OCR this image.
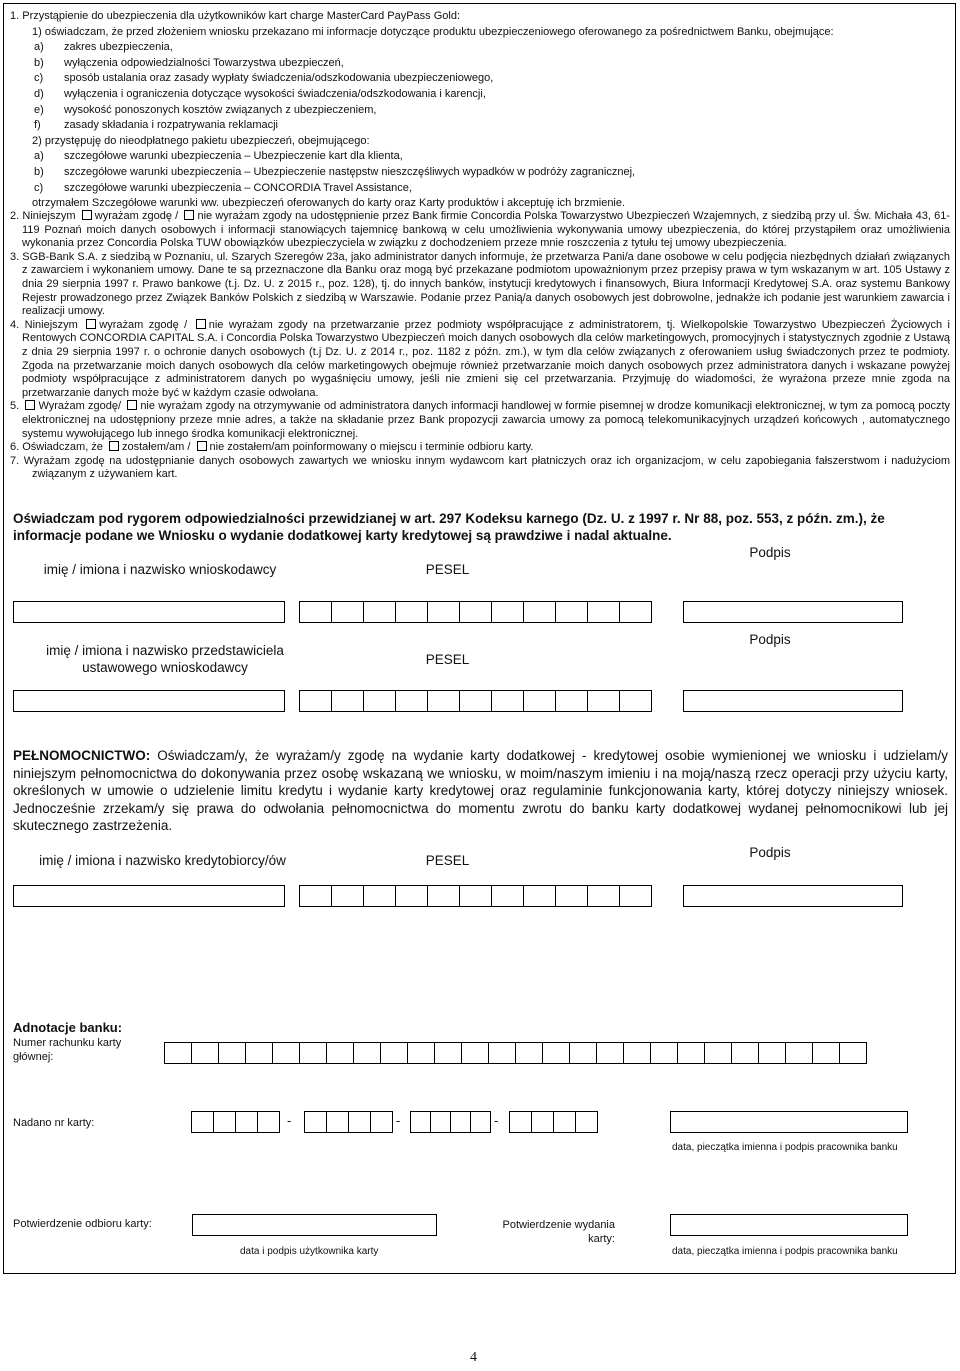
1. Przystąpienie do ubezpieczenia dla użytkowników kart charge MasterCard PayPass Gold:
1) oświadczam, że przed złożeniem wniosku przekazano mi informacje dotyczące produktu ubezpieczeniowego oferowanego za pośrednictwem Banku, obejmujące:
a) zakres ubezpieczenia,
b) wyłączenia odpowiedzialności Towarzystwa ubezpieczeń,
c) sposób ustalania oraz zasady wypłaty świadczenia/odszkodowania ubezpieczeniowego,
d) wyłączenia i ograniczenia dotyczące wysokości świadczenia/odszkodowania i karencji,
e) wysokość ponoszonych kosztów związanych z ubezpieczeniem,
f) zasady składania i rozpatrywania reklamacji
2) przystępuję do nieodpłatnego pakietu ubezpieczeń, obejmującego:
a) szczegółowe warunki ubezpieczenia – Ubezpieczenie kart dla klienta,
b) szczegółowe warunki ubezpieczenia – Ubezpieczenie następstw nieszczęśliwych wypadków w podróży zagranicznej,
c) szczegółowe warunki ubezpieczenia – CONCORDIA Travel Assistance,
otrzymałem Szczegółowe warunki ww. ubezpieczeń oferowanych do karty oraz Karty produktów i akceptuję ich brzmienie.
2. Niniejszym wyrażam zgodę / nie wyrażam zgody na udostępnienie przez Bank firmie Concordia Polska Towarzystwo Ubezpieczeń Wzajemnych, z siedzibą przy ul. Św. Michała 43, 61-119 Poznań moich danych osobowych i informacji stanowiących tajemnicę bankową w celu umożliwienia wykonywania umowy ubezpieczenia, do której przystąpiłem oraz umożliwienia wykonania przez Concordia Polska TUW obowiązków ubezpieczyciela w związku z dochodzeniem przeze mnie roszczenia z tytułu tej umowy ubezpieczenia.
3. SGB-Bank S.A. z siedzibą w Poznaniu, ul. Szarych Szeregów 23a, jako administrator danych informuje, że przetwarza Pani/a dane osobowe w celu podjęcia niezbędnych działań związanych z zawarciem i wykonaniem umowy. Dane te są przeznaczone dla Banku oraz mogą być przekazane podmiotom upoważnionym przez przepisy prawa w tym wskazanym w art. 105 Ustawy z dnia 29 sierpnia 1997 r. Prawo bankowe (t.j. Dz. U. z 2015 r., poz. 128), tj. do innych banków, instytucji kredytowych i finansowych, Biura Informacji Kredytowej S.A. oraz systemu Bankowy Rejestr prowadzonego przez Związek Banków Polskich z siedzibą w Warszawie. Podanie przez Panią/a danych osobowych jest dobrowolne, jednakże ich podanie jest warunkiem zawarcia i realizacji umowy.
4. Niniejszym wyrażam zgodę / nie wyrażam zgody na przetwarzanie przez podmioty współpracujące z administratorem, tj. Wielkopolskie Towarzystwo Ubezpieczeń Życiowych i Rentowych CONCORDIA CAPITAL S.A. i Concordia Polska Towarzystwo Ubezpieczeń moich danych osobowych dla celów marketingowych, promocyjnych i statystycznych zgodnie z Ustawą z dnia 29 sierpnia 1997 r. o ochronie danych osobowych (t.j Dz. U. z 2014 r., poz. 1182 z późn. zm.), w tym dla celów związanych z oferowaniem usług świadczonych przez te podmioty. Zgoda na przetwarzanie moich danych osobowych dla celów marketingowych obejmuje również przetwarzanie moich danych osobowych przez administratora danych i wskazane powyżej podmioty współpracujące z administratorem danych po wygaśnięciu umowy, jeśli nie zmieni się cel przetwarzania. Przyjmuję do wiadomości, że wyrażona przeze mnie zgoda na przetwarzanie danych może być w każdym czasie odwołana.
5. Wyrażam zgodę/ nie wyrażam zgody na otrzymywanie od administratora danych informacji handlowej w formie pisemnej w drodze komunikacji elektronicznej, w tym za pomocą poczty elektronicznej na udostępniony przeze mnie adres, a także na składanie przez Bank propozycji zawarcia umowy za pomocą telekomunikacyjnych urządzeń końcowych , automatycznego systemu wywołującego lub innego środka komunikacji elektronicznej.
6. Oświadczam, że zostałem/am / nie zostałem/am poinformowany o miejscu i terminie odbioru karty.
7. Wyrażam zgodę na udostępnianie danych osobowych zawartych we wniosku innym wydawcom kart płatniczych oraz ich organizacjom, w celu zapobiegania fałszerstwom i nadużyciom związanym z używaniem kart.
Oświadczam pod rygorem odpowiedzialności przewidzianej w art. 297 Kodeksu karnego (Dz. U. z 1997 r. Nr 88, poz. 553, z późn. zm.), że informacje podane we Wniosku o wydanie dodatkowej karty kredytowej są prawdziwe i nadal aktualne.
Podpis
imię / imiona i nazwisko wnioskodawcy	PESEL
Podpis
imię / imiona i nazwisko przedstawiciela ustawowego wnioskodawcy
PESEL
PEŁNOMOCNICTWO: Oświadczam/y, że wyrażam/y zgodę na wydanie karty dodatkowej - kredytowej osobie wymienionej we wniosku i udzielam/y niniejszym pełnomocnictwa do dokonywania przez osobę wskazaną we wniosku, w moim/naszym imieniu i na moją/naszą rzecz operacji przy użyciu karty, określonych w umowie o udzielenie limitu kredytu i wydanie karty kredytowej oraz regulaminie funkcjonowania karty, której dotyczy niniejszy wniosek. Jednocześnie zrzekam/y się prawa do odwołania pełnomocnictwa do momentu zwrotu do banku karty dodatkowej wydanej pełnomocnikowi lub jej skutecznego zastrzeżenia.
Podpis
imię / imiona i nazwisko kredytobiorcy/ów	PESEL
Adnotacje banku:
Numer rachunku karty głównej:
Nadano nr karty:	-	-	-
data, pieczątka imienna i podpis pracownika banku
Potwierdzenie odbioru karty:
data i podpis użytkownika karty
Potwierdzenie wydania karty:
data, pieczątka imienna i podpis pracownika banku
4
